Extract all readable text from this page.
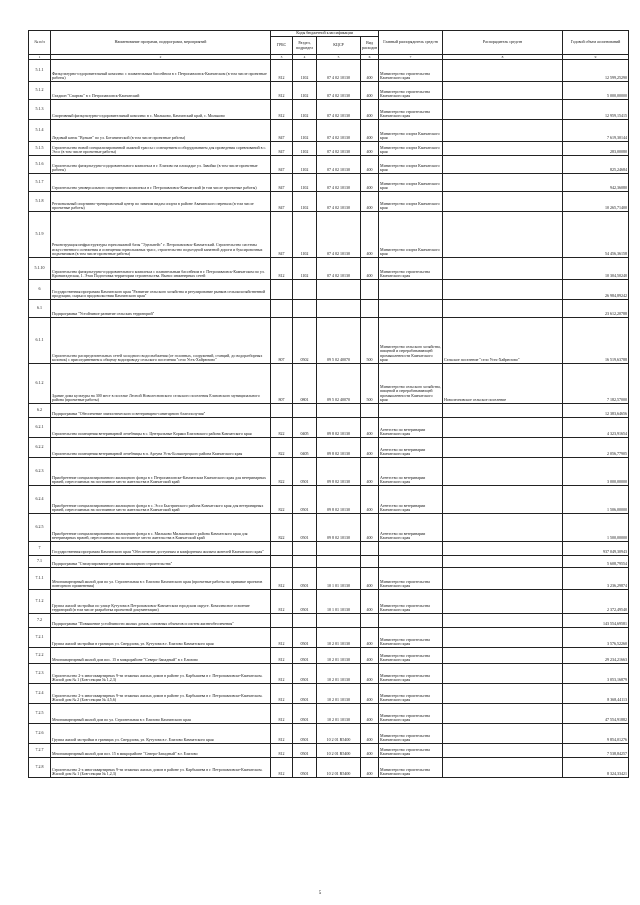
№ п/п	Наименование программ, подпрограмм, мероприятий	Коды бюджетной классификации				Главный распорядитель средств	Распорядитель средств	Годовой объем ассигнований
		ГРБС	Раздел, подраздел	КЦСР	Вид расходов			
1	2	3	4	5	6	7	8	9
5.1.1	Физкультурно-оздоровительный комплекс с плавательным бассейном в г. Петропавловск-Камчатском (в том числе проектные работы)	812	1102	07 4 02 10130	400	Министерство строительства Камчатского края		12 599,25290
5.1.2	Стадион "Спартак" в г. Петропавловск-Камчатский	812	1102	07 4 02 10130	400	Министерство строительства Камчатского края		5 000,00000
5.1.3	Спортивный физкультурно-оздоровительный комплекс в с. Мильково, Камчатский край, с. Мильково	812	1102	07 4 02 10130	400	Министерство строительства Камчатского края		12 959,15415
5.1.4	Ледовый каток "Вулкан" по ул. Ботанической (в том числе проектные работы)	847	1102	07 4 02 10130	400	Министерство спорта Камчатского края		7 619,30144
5.1.5	Строительство новой специализированной лыжной трассы с освещением и оборудованием для проведения соревнований в с. Эссо (в том числе проектные работы)	847	1102	07 4 02 10130	400	Министерство спорта Камчатского края		283,00080
5.1.6	Строительство физкультурно-оздоровительного комплекса в г. Елизово на площадке ул. Завойко (в том числе проектные работы)	847	1102	07 4 02 10130	400	Министерство спорта Камчатского края		825,24684
5.1.7	Строительство универсального спортивного комплекса в г. Петропавловск-Камчатский (в том числе проектные работы)	847	1102	07 4 02 10130	400	Министерство спорта Камчатского края		942,36080
5.1.8	Региональный спортивно-тренировочный центр по зимним видам спорта в районе Авачинского перевала (в том числе проектные работы)	847	1102	07 4 02 10130	400	Министерство спорта Камчатского края		10 265,71400
5.1.9	Реконструкция инфраструктуры горнолыжной базы "Эдельвейс" г. Петропавловск-Камчатский. Строительство системы искусственного оснежения и освещения горнолыжных трасс, строительство подъездной канатной дороги и буксировочных подъемников (в том числе проектные работы)	847	1102	07 4 02 10130	400	Министерство спорта Камчатского края		54 456,36158
5.1.10	Строительство физкультурно-оздоровительного комплекса с плавательным бассейном в г. Петропавловск-Камчатском по ул. Кронштадтская, 1. Этап Подготовка территории строительства. Вынос инженерных сетей	812	1102	07 4 02 10130	400	Министерство строительства Камчатского края		10 304,50240
6	Государственная программа Камчатского края "Развитие сельского хозяйства и регулирование рынков сельскохозяйственной продукции, сырья и продовольствия Камчатского края"							26 984,89242
6.1	Подпрограмма "Устойчивое развитие сельских территорий"							23 612,20788
6.1.1	Строительство распределительных сетей холодного водоснабжения (от головных, сооружений, станций, до водоразборных колонок) с присоединением к общему водопроводу сельского поселения "село Усть-Хайрюзово"	807	0502	09 5 02 40070	500	Министерство сельского хозяйства, пищевой и перерабатывающей промышленности Камчатского края	Сельское поселение "село Усть-Хайрюзово"	16 519,63788
6.1.2	Здание дома культуры на 300 мест в поселке Лесной Новолесновского сельского поселения Елизовского муниципального района (проектные работы)	807	0801	09 5 02 40070	500	Министерство сельского хозяйства, пищевой и перерабатывающей промышленности Камчатского края	Новолесновское сельское поселение	7 182,57000
6.2	Подпрограмма "Обеспечение эпизоотического и ветеринарно-санитарного благополучия"							12 383,64656
6.2.1	Строительство помещения ветеринарной лечебницы в с. Центральные Коряки Елизовского района Камчатского края	822	0405	09 8 02 10130	400	Агентство по ветеринарии Камчатского края		4 323,91654
6.2.2	Строительство помещения ветеринарной лечебницы в п. Аргуна Усть-Большерецкого района Камчатского края	822	0405	09 8 02 10130	400	Агентство по ветеринарии Камчатского края		2 056,77905
6.2.3	Приобретение специализированного жилищного фонда в г. Петропавловске-Камчатском Камчатского края для ветеринарных врачей, переселяемых на постоянное место жительства в Камчатский край	822	0501	09 8 02 10130	400	Агентство по ветеринарии Камчатского края		3 000,00000
6.2.4	Приобретение специализированного жилищного фонда в с. Эссо Быстринского района Камчатского края для ветеринарных врачей, переселяемых на постоянное место жительства в Камчатский край	822	0501	09 8 02 10130	400	Агентство по ветеринарии Камчатского края		1 506,00000
6.2.5	Приобретение специализированного жилищного фонда в с. Мильково Мильковского района Камчатского края для ветеринарных врачей, переселяемых на постоянное место жительства в Камчатский край	822	0501	09 8 02 10130	400	Агентство по ветеринарии Камчатского края		1 500,00000
7	Государственная программа Камчатского края "Обеспечение доступным и комфортным жильем жителей Камчатского края"							937 049,30943
7.1	Подпрограмма "Стимулирование развития жилищного строительства"							5 608,79554
7.1.1	Многоквартирный жилой дом по ул. Строительная в г. Елизово Камчатского края (проектные работы по привязке проектов повторного применения)	812	0501	10 1 01 10130	400	Министерство строительства Камчатского края		3 236,29874
7.1.2	Группа жилой застройки по улице Кутузова в Петропавловск-Камчатском городском округе. Комплексное освоение территорий (в том числе разработка проектной документации)	812	0501	10 1 01 10130	400	Министерство строительства Камчатского края		2 372,49540
7.2	Подпрограмма "Повышение устойчивости жилых домов, основных объектов и систем жизнеобеспечения"							143 554,69581
7.2.1	Группа жилой застройки в границах ул. Свердлова, ул. Кутузова в г. Елизово Камчатского края	812	0501	10 2 01 10130	400	Министерство строительства Камчатского края		3 576,52260
7.2.2	Многоквартирный жилой дом пос. 15 в микрорайоне "Северо-Западный" в г. Елизово	812	0501	10 2 01 10130	400	Министерство строительства Камчатского края		29 234,21663
7.2.3	Строительство 2-х многоквартирных 9-ти этажных жилых домов в районе ул. Карбышева в г. Петропавловске-Камчатском. Жилой дом № 1 (Бов-секции № 1,2,3)	812	0501	10 2 01 10130	400	Министерство строительства Камчатского края		3 053,16879
7.2.4	Строительство 2-х многоквартирных 9-ти этажных жилых домов в районе ул. Карбышева в г. Петропавловске-Камчатском. Жилой дом № 2 (Бов-секции № 4,5,6)	812	0501	10 2 01 10130	400	Министерство строительства Камчатского края		8 368,44113
7.2.5	Многоквартирный жилой дом по ул. Строительная в г. Елизово Камчатского края	812	0501	10 2 01 10130	400	Министерство строительства Камчатского края		47 554,91882
7.2.6	Группа жилой застройки в границах ул. Свердлова, ул. Кутузова в г. Елизово Камчатского края	812	0501	10 2 01 R5400	400	Министерство строительства Камчатского края		9 854,01276
7.2.7	Многоквартирный жилой дом поз. 15 в микрорайоне "Северо-Западный" в г. Елизово	812	0501	10 2 01 R5400	400	Министерство строительства Камчатского края		7 538,84257
7.2.8	Строительство 2-х многоквартирных 9-ти этажных жилых домов в районе ул. Карбышева в г. Петропавловске-Камчатском. Жилой дом № 1 (Бов-секции № 1,2,3)	812	0501	10 2 01 R5400	400	Министерство строительства Камчатского края		8 324,33421
5
